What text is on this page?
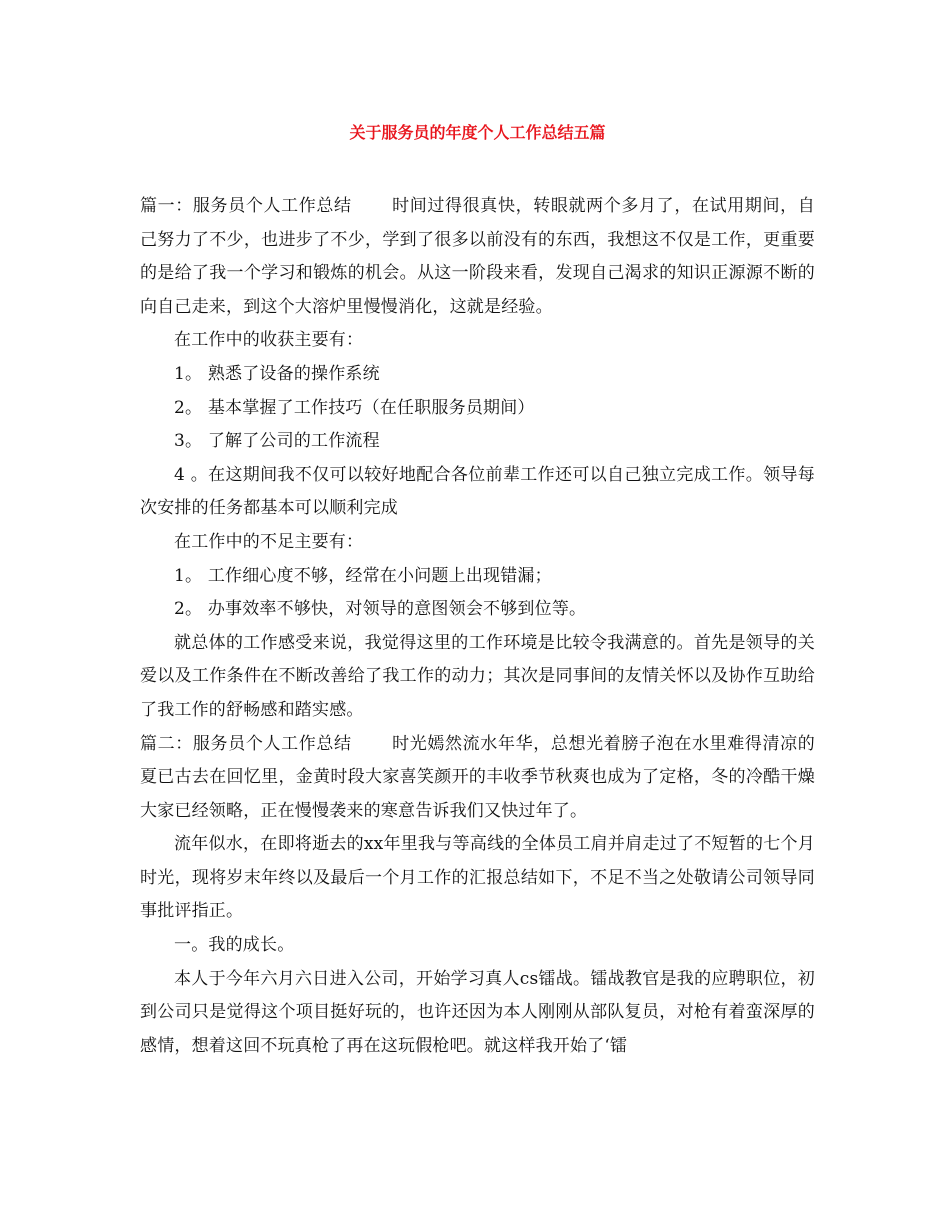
关于服务员的年度个人工作总结五篇

篇一：服务员个人工作总结 时间过得很真快，转眼就两个多月了，在试用期间，自己努力了不少，也进步了不少，学到了很多以前没有的东西，我想这不仅是工作，更重要的是给了我一个学习和锻炼的机会。从这一阶段来看，发现自己渴求的知识正源源不断的向自己走来，到这个大溶炉里慢慢消化，这就是经验。

在工作中的收获主要有：

1。 熟悉了设备的操作系统

2。 基本掌握了工作技巧（在任职服务员期间）

3。 了解了公司的工作流程

4 。在这期间我不仅可以较好地配合各位前辈工作还可以自己独立完成工作。领导每次安排的任务都基本可以顺利完成

在工作中的不足主要有：

1。 工作细心度不够，经常在小问题上出现错漏；

2。 办事效率不够快，对领导的意图领会不够到位等。

就总体的工作感受来说，我觉得这里的工作环境是比较令我满意的。首先是领导的关爱以及工作条件在不断改善给了我工作的动力；其次是同事间的友情关怀以及协作互助给了我工作的舒畅感和踏实感。

篇二：服务员个人工作总结 时光嫣然流水年华，总想光着膀子泡在水里难得清凉的夏已古去在回忆里，金黄时段大家喜笑颜开的丰收季节秋爽也成为了定格，冬的冷酷干燥大家已经领略，正在慢慢袭来的寒意告诉我们又快过年了。

流年似水，在即将逝去的xx年里我与等高线的全体员工肩并肩走过了不短暂的七个月时光，现将岁末年终以及最后一个月工作的汇报总结如下，不足不当之处敬请公司领导同事批评指正。

一。我的成长。

本人于今年六月六日进入公司，开始学习真人cs镭战。镭战教官是我的应聘职位，初到公司只是觉得这个项目挺好玩的，也许还因为本人刚刚从部队复员，对枪有着蛮深厚的感情，想着这回不玩真枪了再在这玩假枪吧。就这样我开始了‘镭
